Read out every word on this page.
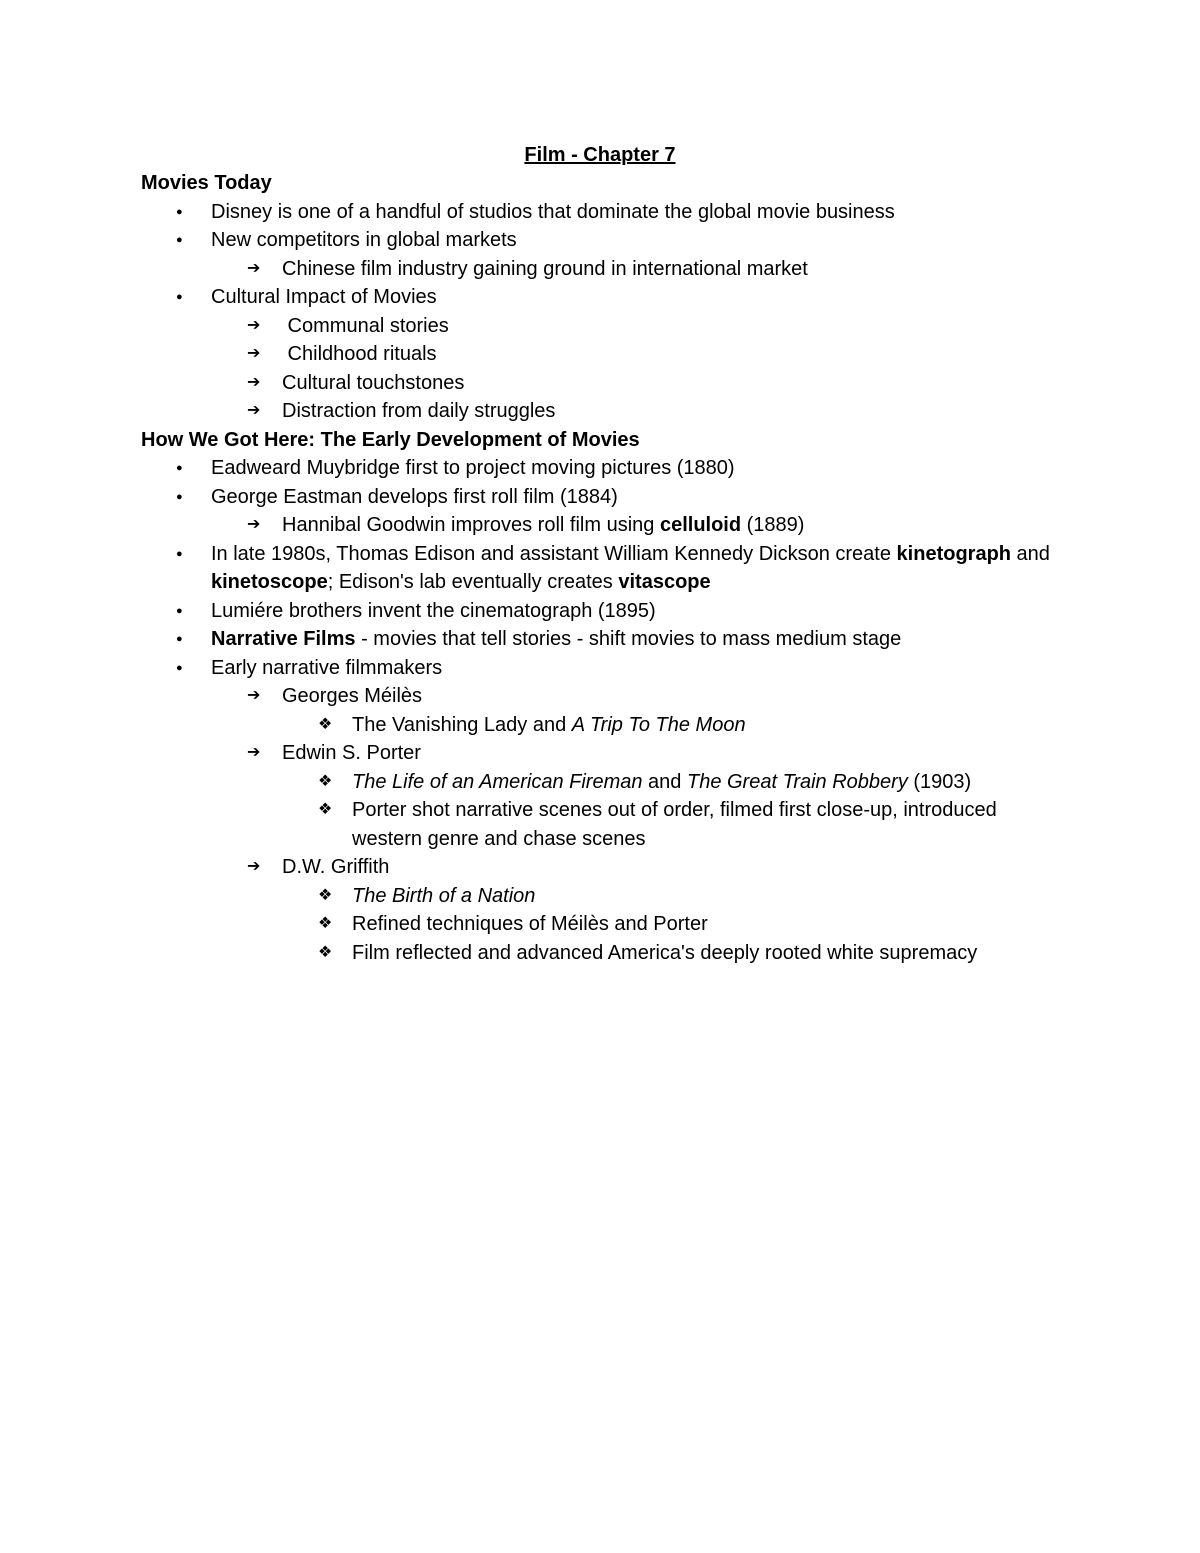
Film - Chapter 7
Movies Today
● Disney is one of a handful of studios that dominate the global movie business
● New competitors in global markets
➔ Chinese film industry gaining ground in international market
● Cultural Impact of Movies
➔ Communal stories
➔ Childhood rituals
➔ Cultural touchstones
➔ Distraction from daily struggles
How We Got Here: The Early Development of Movies
● Eadweard Muybridge first to project moving pictures (1880)
● George Eastman develops first roll film (1884)
➔ Hannibal Goodwin improves roll film using celluloid (1889)
● In late 1980s, Thomas Edison and assistant William Kennedy Dickson create kinetograph and kinetoscope; Edison's lab eventually creates vitascope
● Lumiére brothers invent the cinematograph (1895)
● Narrative Films - movies that tell stories - shift movies to mass medium stage
● Early narrative filmmakers
➔ Georges Méilès
❖ The Vanishing Lady and A Trip To The Moon
➔ Edwin S. Porter
❖ The Life of an American Fireman and The Great Train Robbery (1903)
❖ Porter shot narrative scenes out of order, filmed first close-up, introduced western genre and chase scenes
➔ D.W. Griffith
❖ The Birth of a Nation
❖ Refined techniques of Méilès and Porter
❖ Film reflected and advanced America's deeply rooted white supremacy
